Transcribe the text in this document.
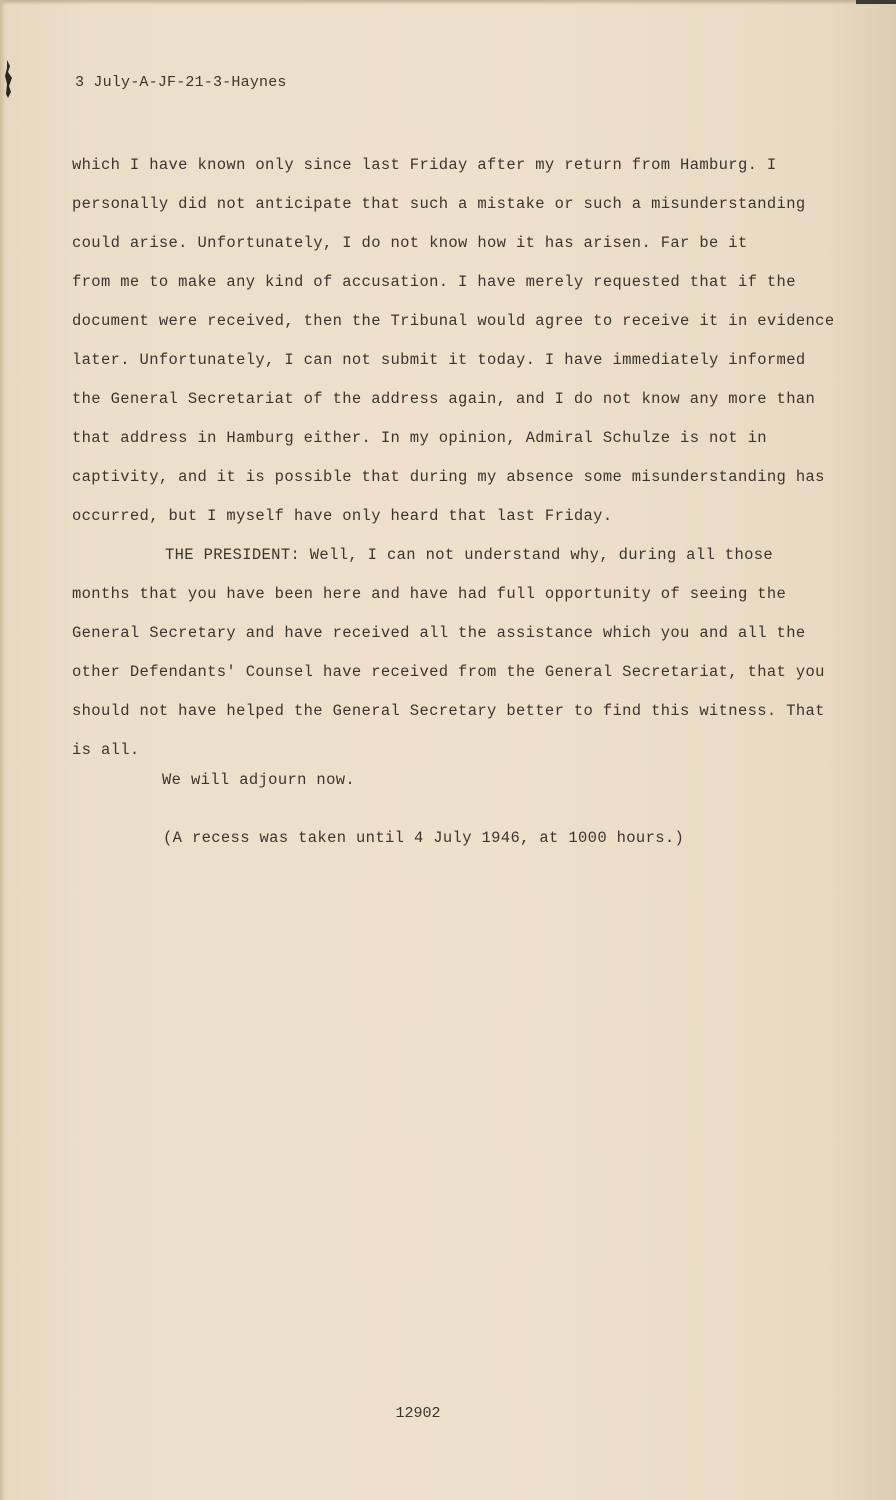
3 July-A-JF-21-3-Haynes
which I have known only since last Friday after my return from Hamburg. I
personally did not anticipate that such a mistake or such a misunderstanding
could arise. Unfortunately, I do not know how it has arisen. Far be it
from me to make any kind of accusation. I have merely requested that if the
document were received, then the Tribunal would agree to receive it in evidence
later. Unfortunately, I can not submit it today. I have immediately informed
the General Secretariat of the address again, and I do not know any more than
that address in Hamburg either. In my opinion, Admiral Schulze is not in
captivity, and it is possible that during my absence some misunderstanding has
occurred, but I myself have only heard that last Friday.
THE PRESIDENT: Well, I can not understand why, during all those
months that you have been here and have had full opportunity of seeing the
General Secretary and have received all the assistance which you and all the
other Defendants' Counsel have received from the General Secretariat, that you
should not have helped the General Secretary better to find this witness. That
is all.
We will adjourn now.
(A recess was taken until 4 July 1946, at 1000 hours.)
12902
